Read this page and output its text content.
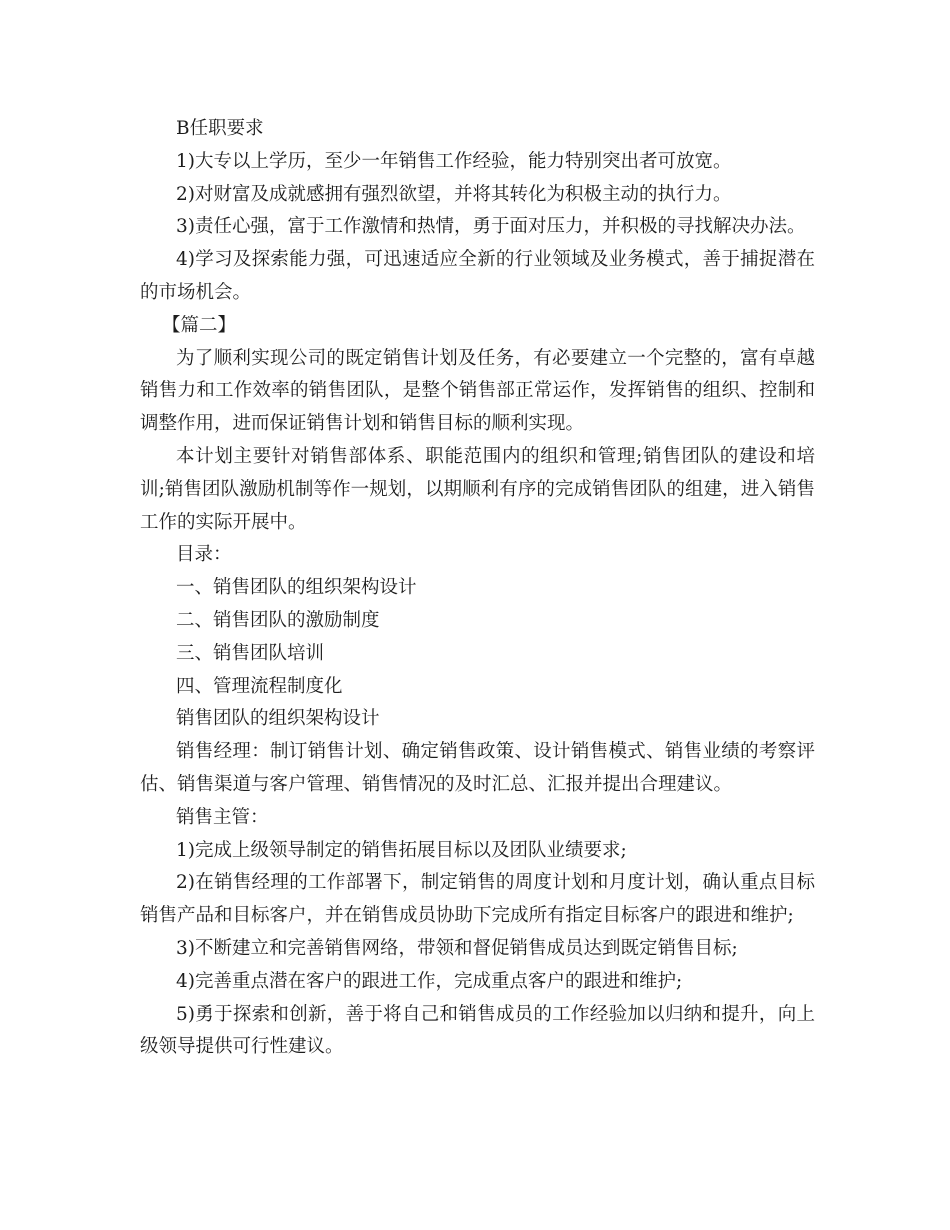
B任职要求

1)大专以上学历，至少一年销售工作经验，能力特别突出者可放宽。

2)对财富及成就感拥有强烈欲望，并将其转化为积极主动的执行力。

3)责任心强，富于工作激情和热情，勇于面对压力，并积极的寻找解决办法。

4)学习及探索能力强，可迅速适应全新的行业领域及业务模式，善于捕捉潜在的市场机会。

【篇二】

为了顺利实现公司的既定销售计划及任务，有必要建立一个完整的，富有卓越销售力和工作效率的销售团队，是整个销售部正常运作，发挥销售的组织、控制和调整作用，进而保证销售计划和销售目标的顺利实现。

本计划主要针对销售部体系、职能范围内的组织和管理;销售团队的建设和培训;销售团队激励机制等作一规划，以期顺利有序的完成销售团队的组建，进入销售工作的实际开展中。

目录：

一、销售团队的组织架构设计

二、销售团队的激励制度

三、销售团队培训

四、管理流程制度化

销售团队的组织架构设计

销售经理：制订销售计划、确定销售政策、设计销售模式、销售业绩的考察评估、销售渠道与客户管理、销售情况的及时汇总、汇报并提出合理建议。

销售主管：

1)完成上级领导制定的销售拓展目标以及团队业绩要求;

2)在销售经理的工作部署下，制定销售的周度计划和月度计划，确认重点目标销售产品和目标客户，并在销售成员协助下完成所有指定目标客户的跟进和维护;

3)不断建立和完善销售网络，带领和督促销售成员达到既定销售目标;

4)完善重点潜在客户的跟进工作，完成重点客户的跟进和维护;

5)勇于探索和创新，善于将自己和销售成员的工作经验加以归纳和提升，向上级领导提供可行性建议。
